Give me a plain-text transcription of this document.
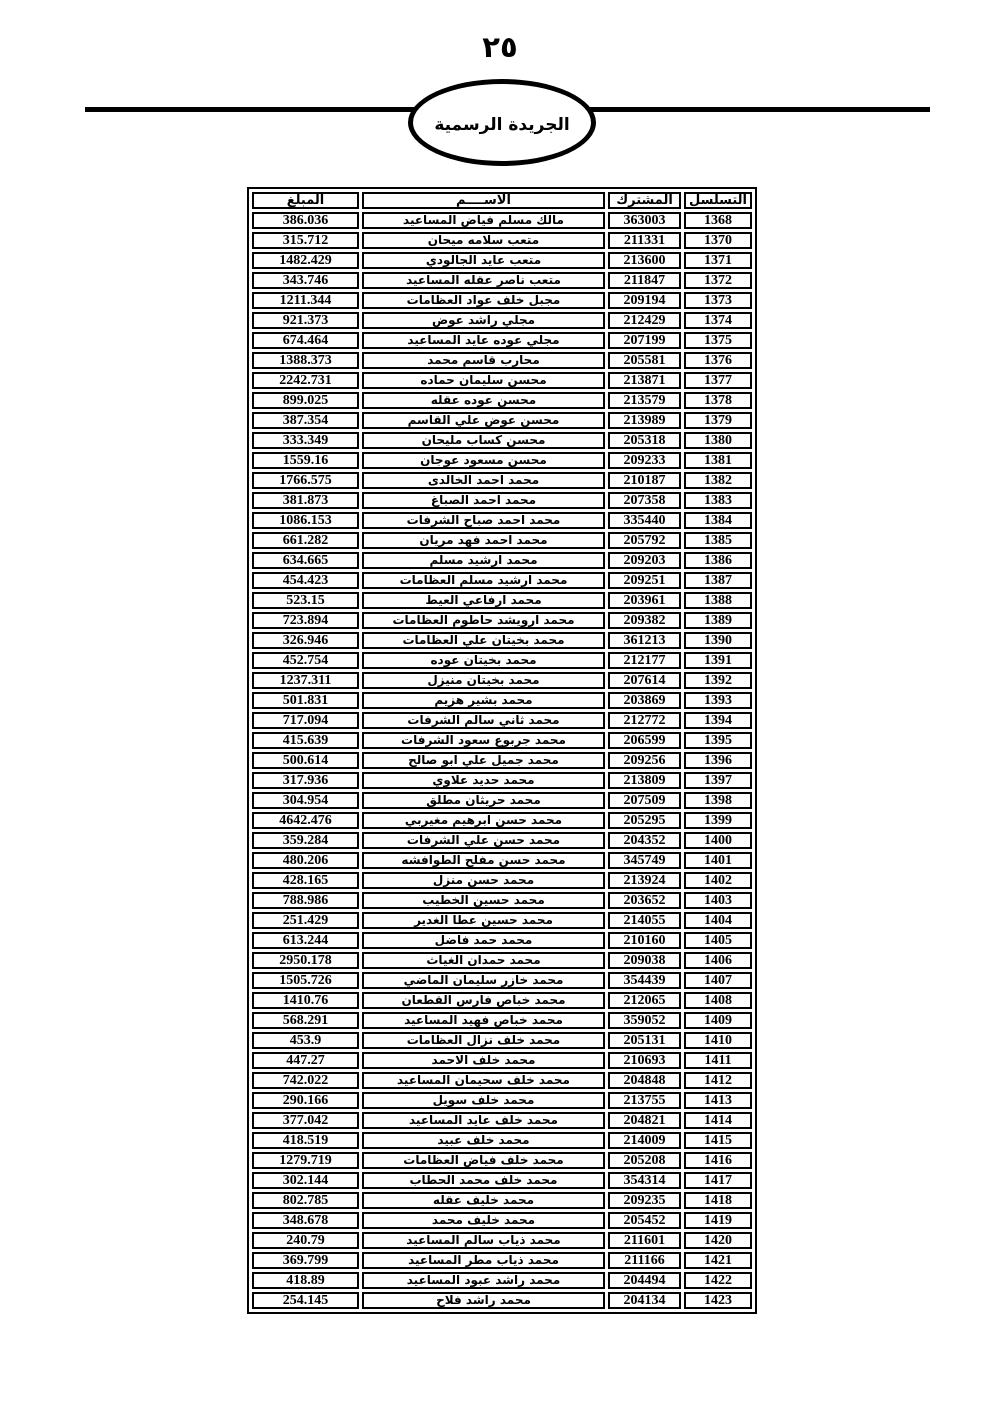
٢٥
الجريدة الرسمية
التسلسل	المشترك	الاســــم	المبلغ
1368	363003	مالك مسلم فياض المساعيد	386.036
1370	211331	متعب سلامه ميحان	315.712
1371	213600	متعب عايد الجالودي	1482.429
1372	211847	متعب ناصر عقله المساعيد	343.746
1373	209194	مجبل خلف عواد العظامات	1211.344
1374	212429	مجلي راشد عوض	921.373
1375	207199	مجلي عوده عايد المساعيد	674.464
1376	205581	محارب قاسم محمد	1388.373
1377	213871	محسن سليمان حماده	2242.731
1378	213579	محسن عوده عقله	899.025
1379	213989	محسن عوض علي القاسم	387.354
1380	205318	محسن كساب مليحان	333.349
1381	209233	محسن مسعود عوجان	1559.16
1382	210187	محمد احمد الخالدى	1766.575
1383	207358	محمد احمد الصباغ	381.873
1384	335440	محمد احمد صباح الشرفات	1086.153
1385	205792	محمد احمد فهد مريان	661.282
1386	209203	محمد ارشيد مسلم	634.665
1387	209251	محمد ارشيد مسلم العظامات	454.423
1388	203961	محمد ارفاعي العيط	523.15
1389	209382	محمد ارويشد حاطوم العظامات	723.894
1390	361213	محمد بخيتان علي العظامات	326.946
1391	212177	محمد بخيتان عوده	452.754
1392	207614	محمد بخيتان منيزل	1237.311
1393	203869	محمد بشير هزيم	501.831
1394	212772	محمد ثاني سالم الشرفات	717.094
1395	206599	محمد جربوع سعود الشرفات	415.639
1396	209256	محمد جميل علي ابو صالح	500.614
1397	213809	محمد حديد علاوي	317.936
1398	207509	محمد حريثان مطلق	304.954
1399	205295	محمد حسن ابرهيم مغيربي	4642.476
1400	204352	محمد حسن علي الشرفات	359.284
1401	345749	محمد حسن مفلح الطوافشه	480.206
1402	213924	محمد حسن منزل	428.165
1403	203652	محمد حسين الخطيب	788.986
1404	214055	محمد حسين عطا الغدير	251.429
1405	210160	محمد حمد فاضل	613.244
1406	209038	محمد حمدان الغياث	2950.178
1407	354439	محمد خازر سليمان الماضي	1505.726
1408	212065	محمد خباص فارس القطعان	1410.76
1409	359052	محمد خباص فهيد المساعيد	568.291
1410	205131	محمد خلف نزال العظامات	453.9
1411	210693	محمد خلف الاحمد	447.27
1412	204848	محمد خلف سحيمان المساعيد	742.022
1413	213755	محمد خلف سويل	290.166
1414	204821	محمد خلف عايد المساعيد	377.042
1415	214009	محمد خلف عبيد	418.519
1416	205208	محمد خلف فياض العظامات	1279.719
1417	354314	محمد خلف محمد الحطاب	302.144
1418	209235	محمد خليف عقله	802.785
1419	205452	محمد خليف محمد	348.678
1420	211601	محمد ذياب سالم المساعيد	240.79
1421	211166	محمد ذياب مطر المساعيد	369.799
1422	204494	محمد راشد عبود المساعيد	418.89
1423	204134	محمد راشد فلاح	254.145
